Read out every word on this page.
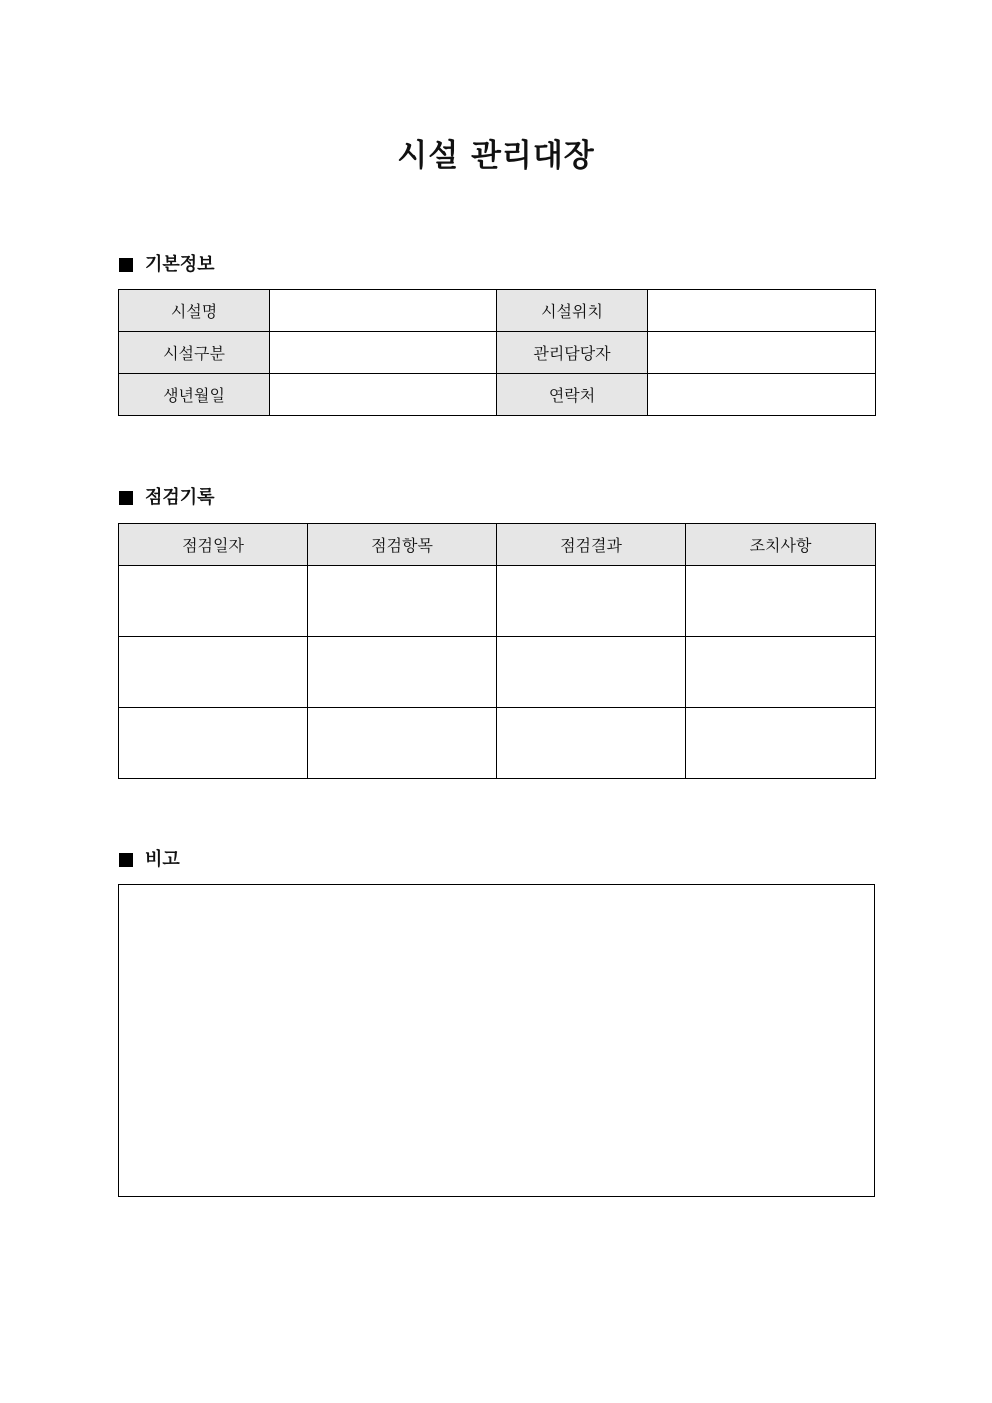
시설 관리대장
기본정보
시설명		시설위치	
시설구분		관리담당자	
생년월일		연락처	
점검기록
점검일자	점검항목	점검결과	조치사항

비고
